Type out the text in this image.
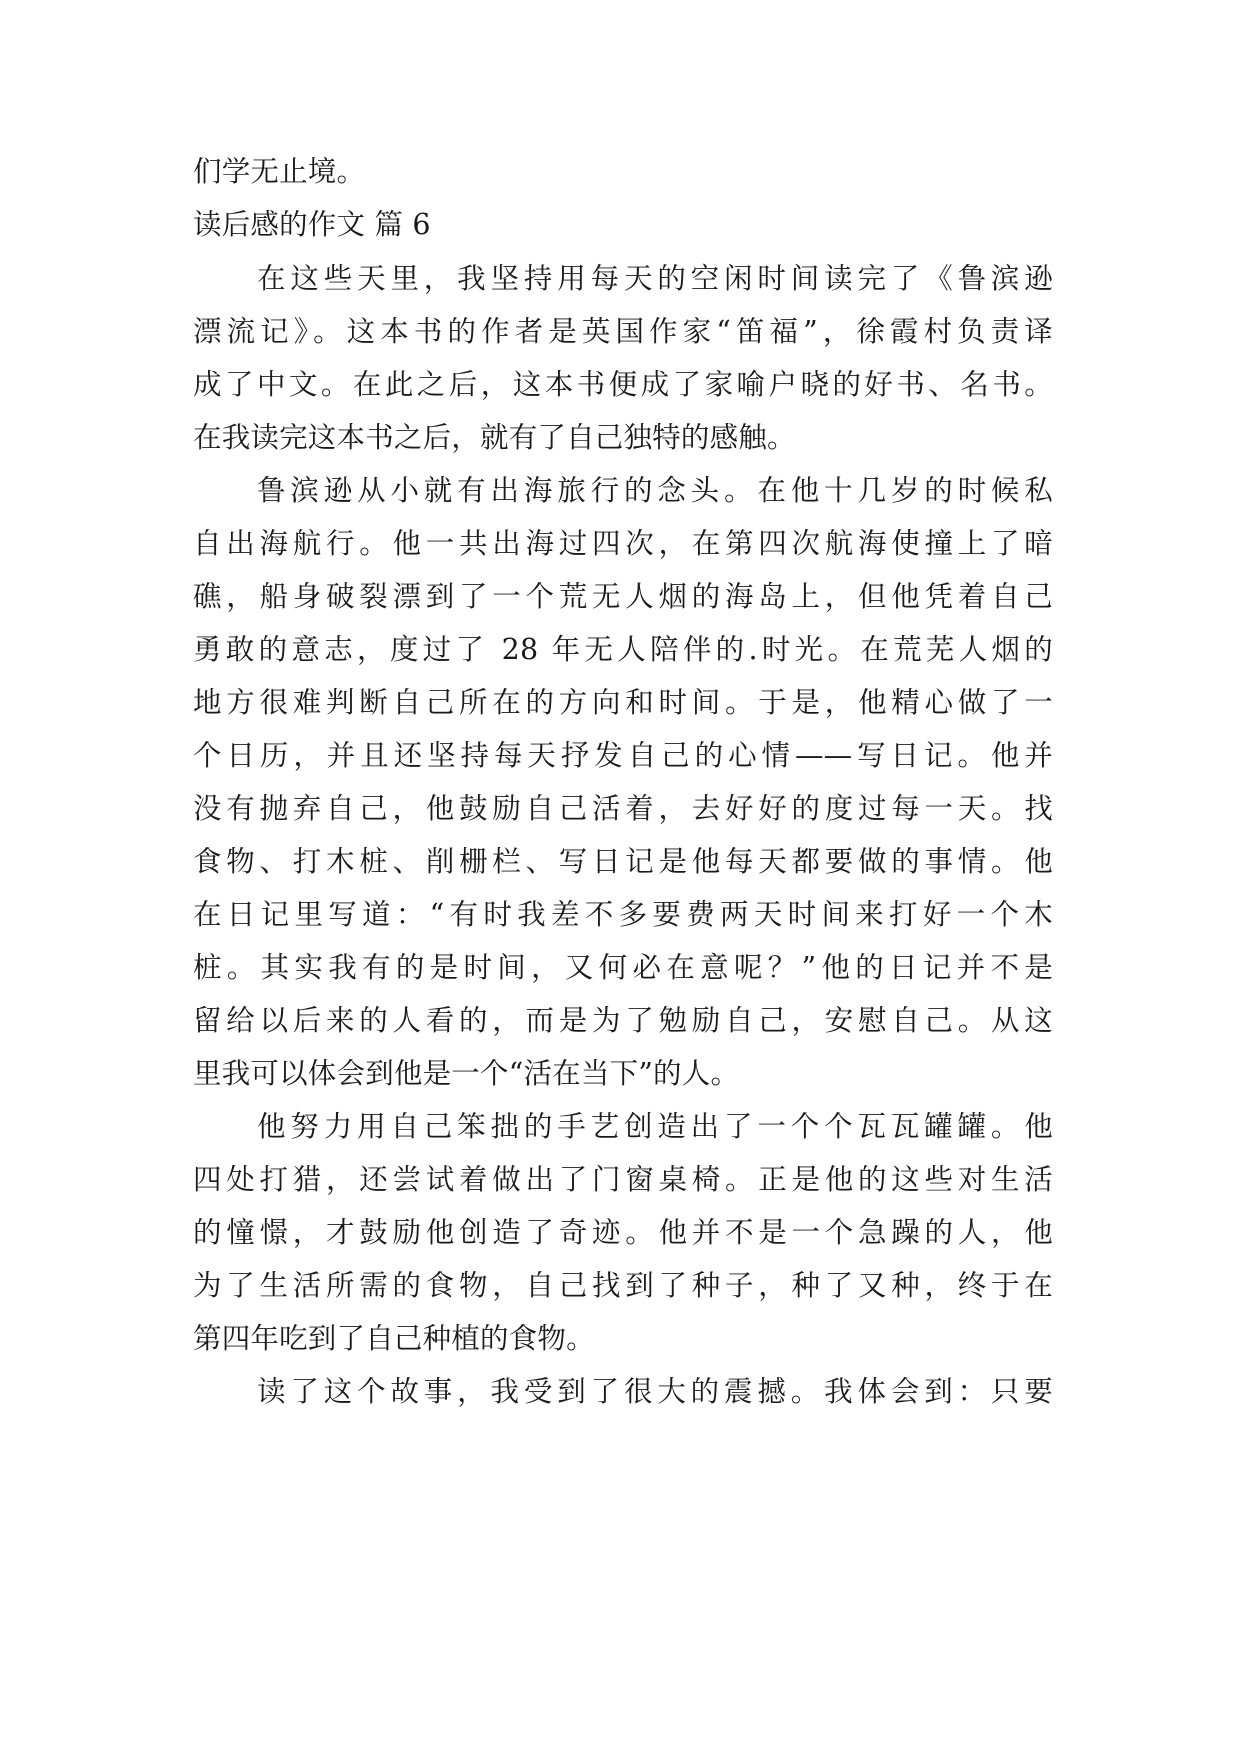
们学无止境。
读后感的作文 篇 6
在这些天里，我坚持用每天的空闲时间读完了《鲁滨逊
漂流记》。这本书的作者是英国作家“笛福”，徐霞村负责译
成了中文。在此之后，这本书便成了家喻户晓的好书、名书。
在我读完这本书之后，就有了自己独特的感触。
鲁滨逊从小就有出海旅行的念头。在他十几岁的时候私
自出海航行。他一共出海过四次，在第四次航海使撞上了暗
礁，船身破裂漂到了一个荒无人烟的海岛上，但他凭着自己
勇敢的意志，度过了 28 年无人陪伴的.时光。在荒芜人烟的
地方很难判断自己所在的方向和时间。于是，他精心做了一
个日历，并且还坚持每天抒发自己的心情——写日记。他并
没有抛弃自己，他鼓励自己活着，去好好的度过每一天。找
食物、打木桩、削栅栏、写日记是他每天都要做的事情。他
在日记里写道：“有时我差不多要费两天时间来打好一个木
桩。其实我有的是时间，又何必在意呢？”他的日记并不是
留给以后来的人看的，而是为了勉励自己，安慰自己。从这
里我可以体会到他是一个“活在当下”的人。
他努力用自己笨拙的手艺创造出了一个个瓦瓦罐罐。他
四处打猎，还尝试着做出了门窗桌椅。正是他的这些对生活
的憧憬，才鼓励他创造了奇迹。他并不是一个急躁的人，他
为了生活所需的食物，自己找到了种子，种了又种，终于在
第四年吃到了自己种植的食物。
读了这个故事，我受到了很大的震撼。我体会到：只要
